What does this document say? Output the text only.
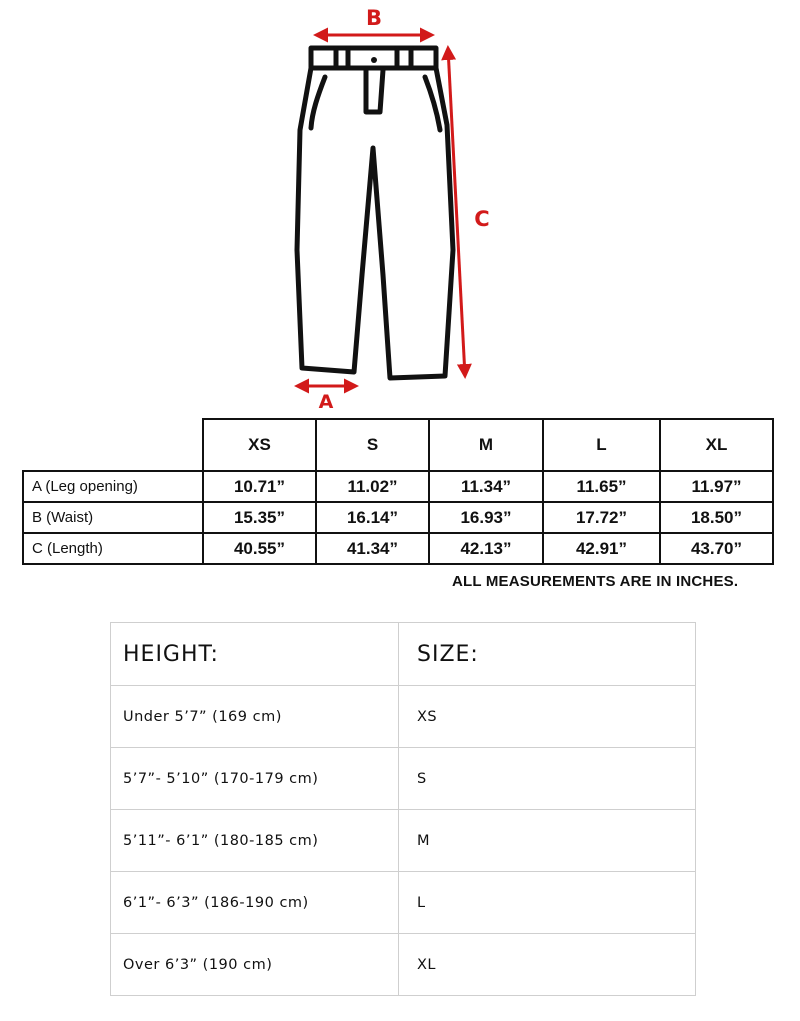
B
C
A
	XS	S	M	L	XL
A (Leg opening)	10.71”	11.02”	11.34”	11.65”	11.97”
B (Waist)	15.35”	16.14”	16.93”	17.72”	18.50”
C (Length)	40.55”	41.34”	42.13”	42.91”	43.70”
ALL MEASUREMENTS ARE IN INCHES.
HEIGHT:	SIZE:
Under 5’7” (169 cm)	XS
5’7”- 5’10” (170-179 cm)	S
5’11”- 6’1” (180-185 cm)	M
6’1”- 6’3” (186-190 cm)	L
Over 6’3” (190 cm)	XL
